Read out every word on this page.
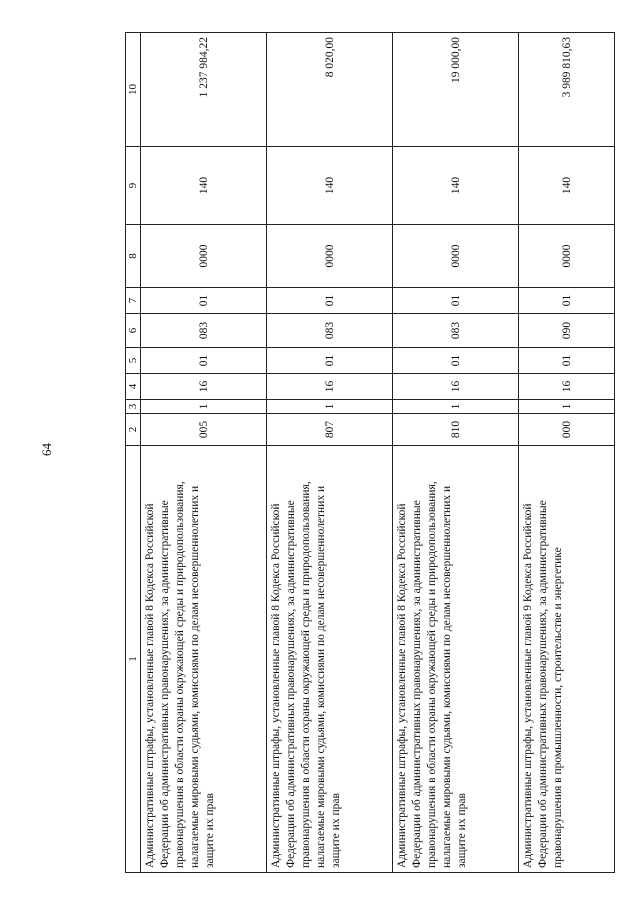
64
1	2	3	4	5	6	7	8	9	10
Административные штрафы, установленные главой 8 Кодекса Российской Федерации об административных правонарушениях, за административные правонарушения в области охраны окружающей среды и природопользования, налагаемые мировыми судьями, комиссиями по делам несовершеннолетних и защите их прав	005	1	16	01	083	01	0000	140	1 237 984,22
Административные штрафы, установленные главой 8 Кодекса Российской Федерации об административных правонарушениях, за административные правонарушения в области охраны окружающей среды и природопользования, налагаемые мировыми судьями, комиссиями по делам несовершеннолетних и защите их прав	807	1	16	01	083	01	0000	140	8 020,00
Административные штрафы, установленные главой 8 Кодекса Российской Федерации об административных правонарушениях, за административные правонарушения в области охраны окружающей среды и природопользования, налагаемые мировыми судьями, комиссиями по делам несовершеннолетних и защите их прав	810	1	16	01	083	01	0000	140	19 000,00
Административные штрафы, установленные главой 9 Кодекса Российской Федерации об административных правонарушениях, за административные правонарушения в промышленности, строительстве и энергетике	000	1	16	01	090	01	0000	140	3 989 810,63
